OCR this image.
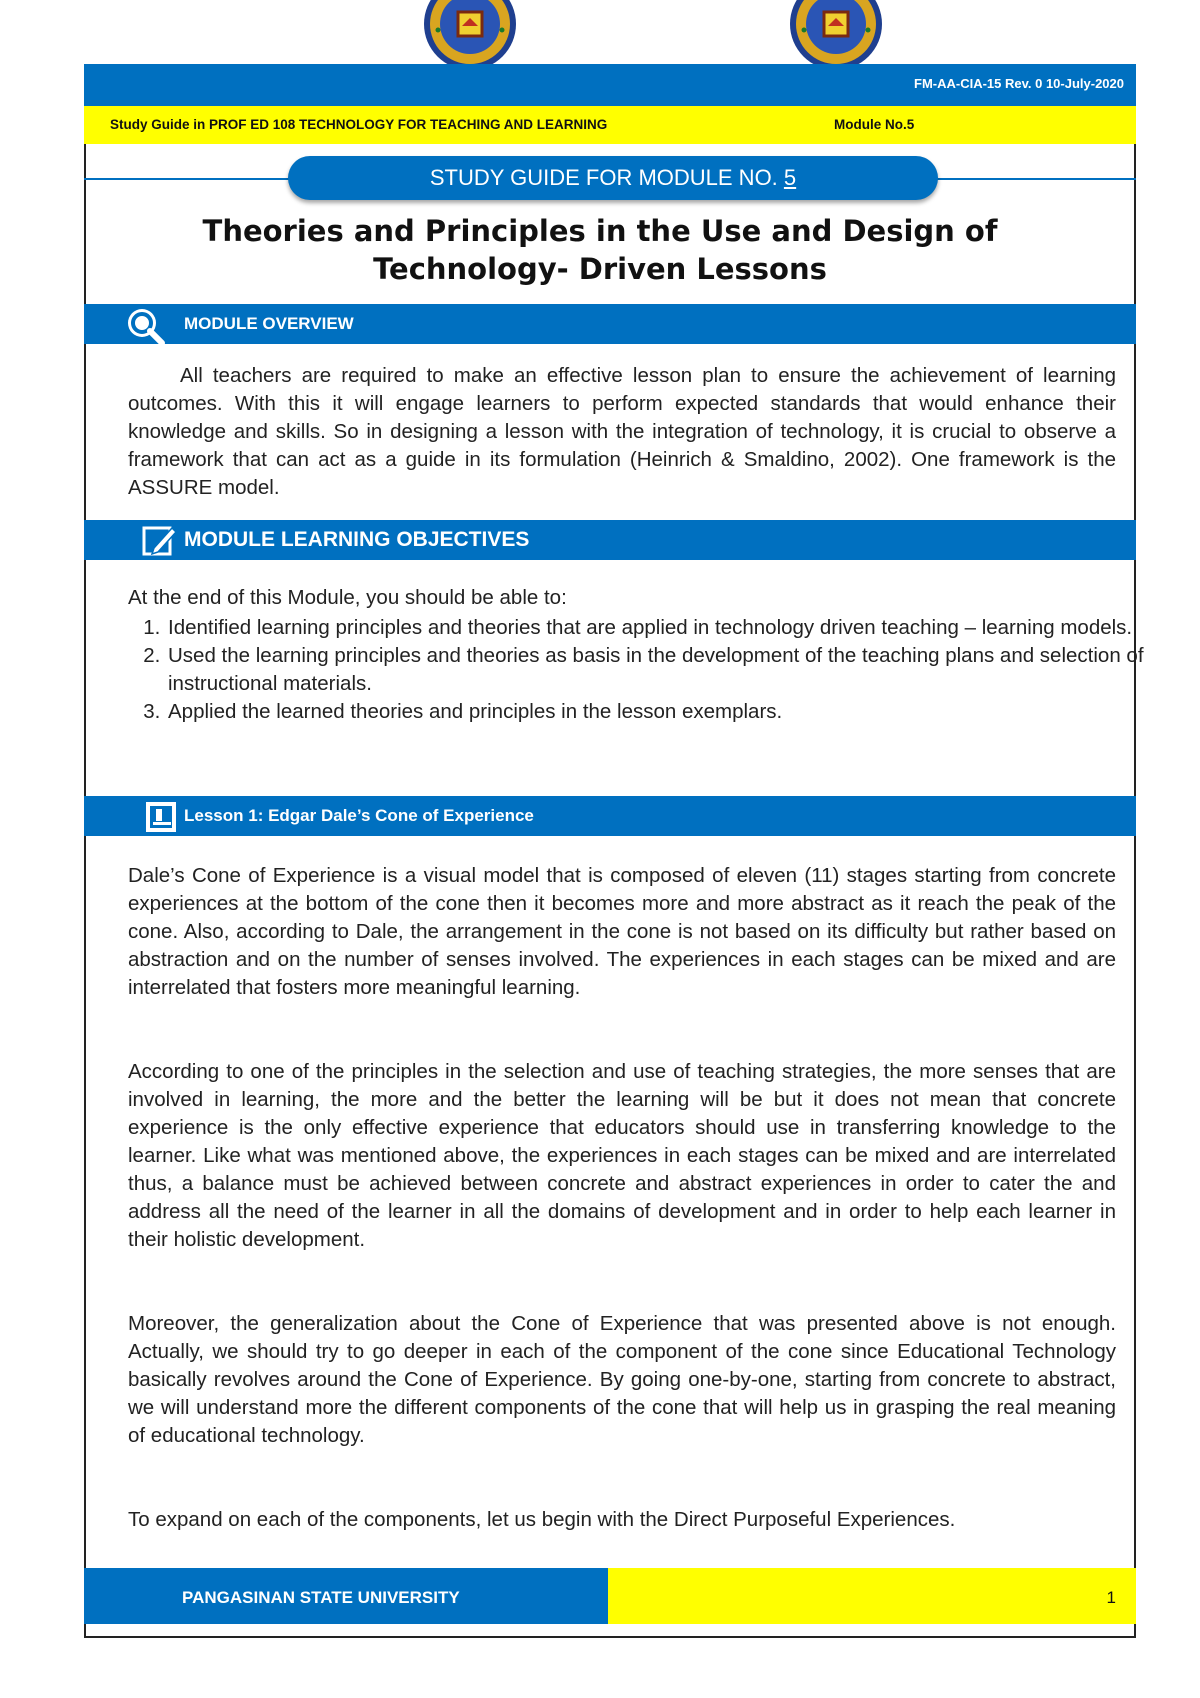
FM-AA-CIA-15 Rev. 0 10-July-2020
Study Guide in PROF ED 108 TECHNOLOGY FOR TEACHING AND LEARNING	Module No.5
STUDY GUIDE FOR MODULE NO. 5
Theories and Principles in the Use and Design of
Technology- Driven Lessons
MODULE OVERVIEW

All teachers are required to make an effective lesson plan to ensure the achievement of learning outcomes. With this it will engage learners to perform expected standards that would enhance their knowledge and skills. So in designing a lesson with the integration of technology, it is crucial to observe a framework that can act as a guide in its formulation (Heinrich & Smaldino, 2002). One framework is the ASSURE model.

MODULE LEARNING OBJECTIVES

At the end of this Module, you should be able to:

1. Identified learning principles and theories that are applied in technology driven teaching – learning models.
2. Used the learning principles and theories as basis in the development of the teaching plans and selection of instructional materials.
3. Applied the learned theories and principles in the lesson exemplars.
Lesson 1: Edgar Dale’s Cone of Experience

Dale’s Cone of Experience is a visual model that is composed of eleven (11) stages starting from concrete experiences at the bottom of the cone then it becomes more and more abstract as it reach the peak of the cone. Also, according to Dale, the arrangement in the cone is not based on its difficulty but rather based on abstraction and on the number of senses involved. The experiences in each stages can be mixed and are interrelated that fosters more meaningful learning.

According to one of the principles in the selection and use of teaching strategies, the more senses that are involved in learning, the more and the better the learning will be but it does not mean that concrete experience is the only effective experience that educators should use in transferring knowledge to the learner. Like what was mentioned above, the experiences in each stages can be mixed and are interrelated thus, a balance must be achieved between concrete and abstract experiences in order to cater the and address all the need of the learner in all the domains of development and in order to help each learner in their holistic development.

Moreover, the generalization about the Cone of Experience that was presented above is not enough. Actually, we should try to go deeper in each of the component of the cone since Educational Technology basically revolves around the Cone of Experience. By going one-by-one, starting from concrete to abstract, we will understand more the different components of the cone that will help us in grasping the real meaning of educational technology.

To expand on each of the components, let us begin with the Direct Purposeful Experiences.

PANGASINAN STATE UNIVERSITY	1
